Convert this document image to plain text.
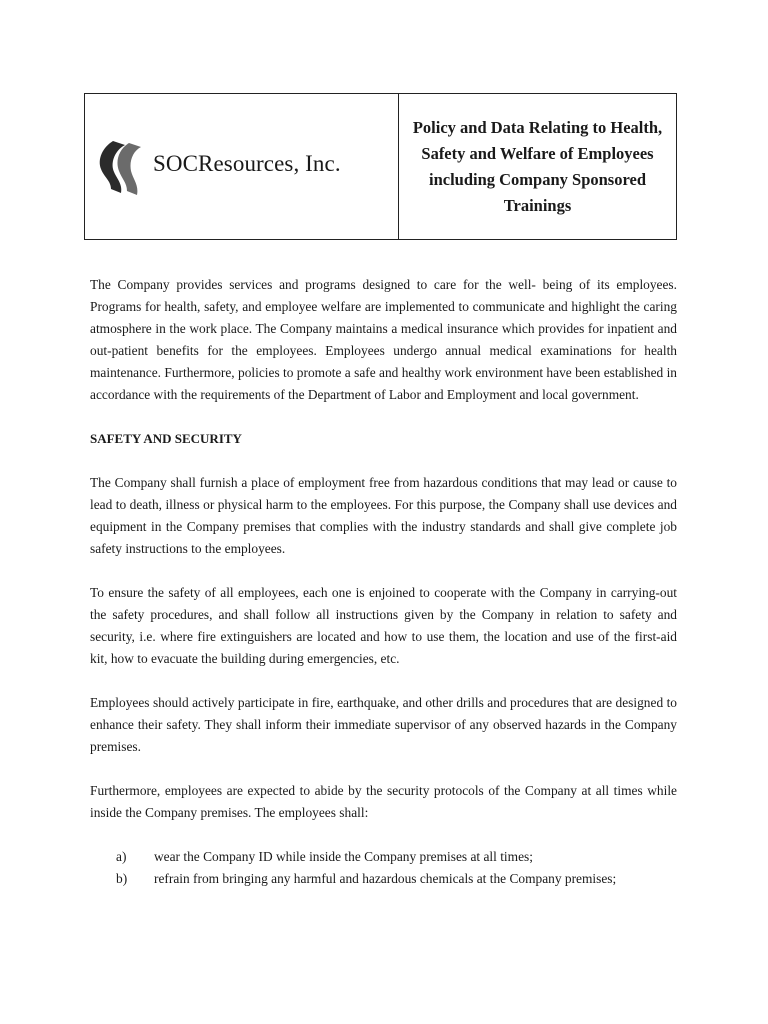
SOCResources, Inc.
Policy and Data Relating to Health, Safety and Welfare of Employees including Company Sponsored Trainings

The Company provides services and programs designed to care for the well- being of its employees. Programs for health, safety, and employee welfare are implemented to communicate and highlight the caring atmosphere in the work place. The Company maintains a medical insurance which provides for inpatient and out-patient benefits for the employees. Employees undergo annual medical examinations for health maintenance. Furthermore, policies to promote a safe and healthy work environment have been established in accordance with the requirements of the Department of Labor and Employment and local government.

SAFETY AND SECURITY

The Company shall furnish a place of employment free from hazardous conditions that may lead or cause to lead to death, illness or physical harm to the employees. For this purpose, the Company shall use devices and equipment in the Company premises that complies with the industry standards and shall give complete job safety instructions to the employees.

To ensure the safety of all employees, each one is enjoined to cooperate with the Company in carrying-out the safety procedures, and shall follow all instructions given by the Company in relation to safety and security, i.e. where fire extinguishers are located and how to use them, the location and use of the first-aid kit, how to evacuate the building during emergencies, etc.

Employees should actively participate in fire, earthquake, and other drills and procedures that are designed to enhance their safety. They shall inform their immediate supervisor of any observed hazards in the Company premises.

Furthermore, employees are expected to abide by the security protocols of the Company at all times while inside the Company premises. The employees shall:

a)	wear the Company ID while inside the Company premises at all times;
b)	refrain from bringing any harmful and hazardous chemicals at the Company premises;
